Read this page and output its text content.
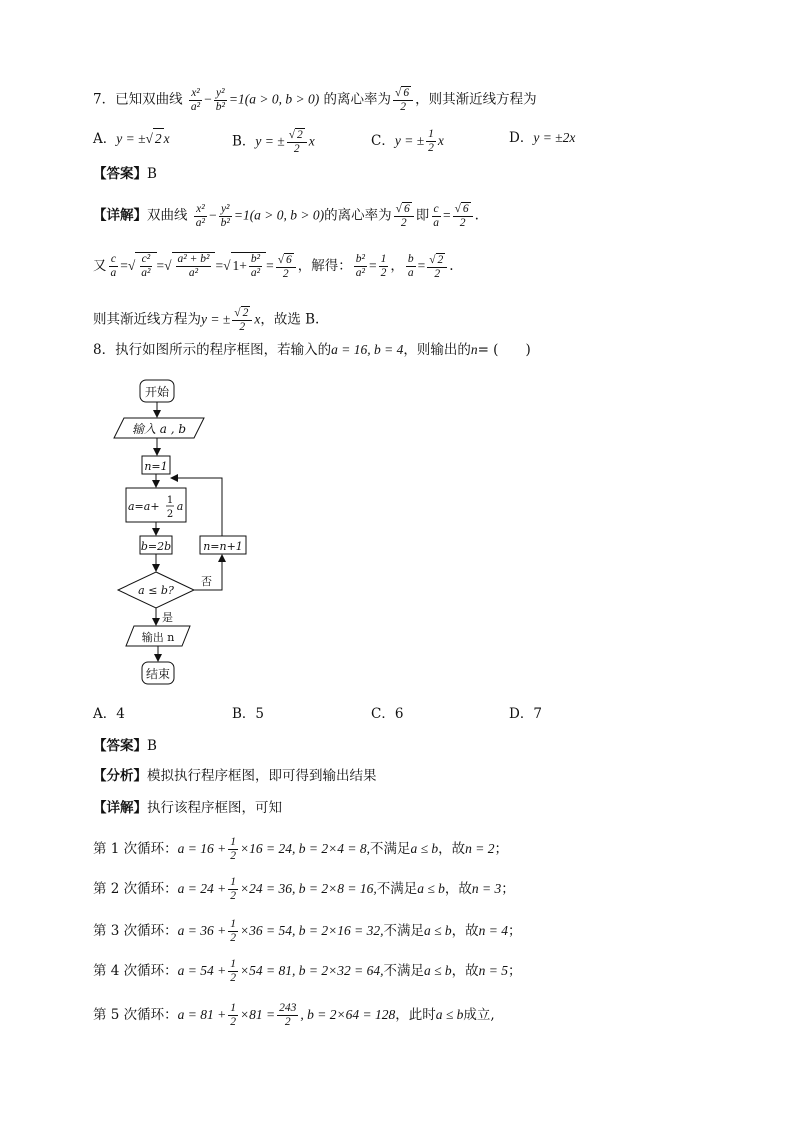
7．已知双曲线 $\frac{\text{x²}}{\text{a²}} - \frac{\text{y²}}{\text{b²}} =1(a > 0$, b > 0) 的离心率为 $\frac{√ 6}{2}$ ，则其渐近线方程为
A．y = ±√ 2 x	B．y = ± $\frac{√ 2}{2}$ x	C．y = ± $\frac{1}{2}$ x	D．y = ±2x
【答案】B
【详解】双曲线 $\frac{\text{x²}}{\text{a²}} - \frac{\text{y²}}{\text{b²}} =1(a > 0$, b > 0)的离心率为 $\frac{√ 6}{2}$ 即 $\frac{c}{a} = \frac{√ 6}{2}$ .
又 $\frac{c}{a}$ =√ $\frac{\text{c²}}{\text{a²}}$ =√ $\frac{\text{a² + b²}}{\text{a²}}$ =√ $1+ \frac{\text{b²}}{\text{a²}} = \frac{√ 6}{2}$ ，解得： $\frac{\text{b²}}{\text{a²}} = \frac{1}{2}$ ， $\frac{b}{a} = \frac{√ 2}{2}$ .
则其渐近线方程为y = ± $\frac{√ 2}{2}$ x，故选 B.
8．执行如图所示的程序框图，若输入的a = 16, b = 4，则输出的n= (　　)
开始
输入 a , b
n=1
a=a+ 1
2
a
b=2b	n=n+1
a ≤ b?
是
否
输出 n
结束
A．4	B．5	C．6	D．7
【答案】B
【分析】模拟执行程序框图，即可得到输出结果
【详解】执行该程序框图，可知
第 1 次循环：$a = 16 + \frac{1}{2} \times 16 = 24$, b = 2×4 = 8,不满足a ≤ b，故n = 2；
第 2 次循环：$a = 24 + \frac{1}{2} \times 24 = 36$, b = 2×8 = 16,不满足a ≤ b，故n = 3；
第 3 次循环：$a = 36 + \frac{1}{2} \times 36 = 54$, b = 2×16 = 32,不满足a ≤ b，故n = 4；
第 4 次循环：$a = 54 + \frac{1}{2} \times 54 = 81$, b = 2×32 = 64,不满足a ≤ b，故n = 5；
第 5 次循环：$a = 81 + \frac{1}{2} \times 81 = \frac{243}{2}$ , b = 2×64 = 128，此时a ≤ b成立,
